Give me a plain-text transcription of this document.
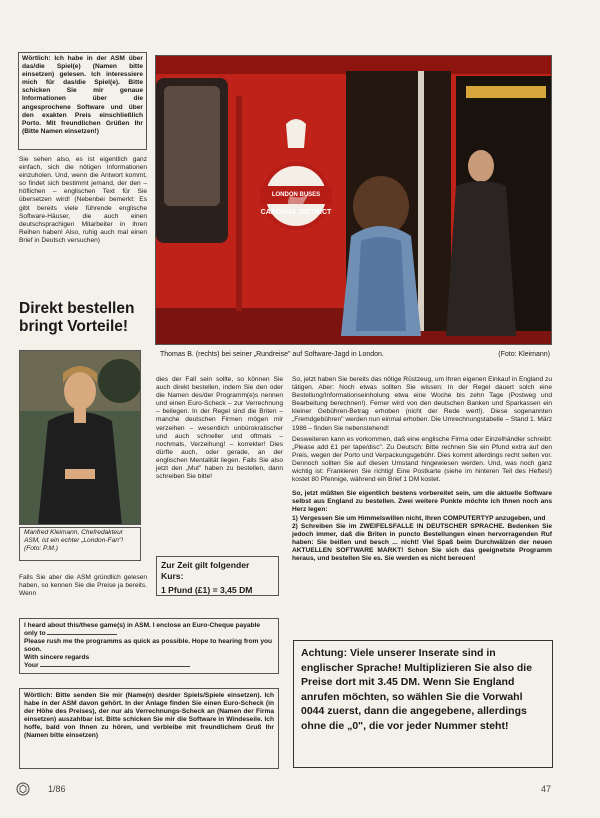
Wörtlich: Ich habe in der ASM über das/die Spiel(e) (Namen bitte einsetzen) gelesen. Ich interessiere mich für das/die Spiel(e). Bitte schicken Sie mir genaue Informationen über die angesprochene Software und über den exakten Preis einschließlich Porto. Mit freundlichen Grüßen Ihr (Bitte Namen einsetzen!)

Sie sehen also, es ist eigentlich ganz einfach, sich die nötigen Informationen einzuholen. Und, wenn die Antwort kommt, so findet sich bestimmt jemand, der den – höflichen – englischen Text für Sie übersetzen wird! (Nebenbei bemerkt: Es gibt bereits viele führende englische Software-Häuser, die auch einen deutschsprachigen Mitarbeiter in ihren Reihen haben! Also, ruhig auch mal einen Brief in Deutsch versuchen)

Direkt bestellen bringt Vorteile!
LONDON BUSES
CARDINAL DISTRICT
Thomas B. (rechts) bei seiner „Rundreise" auf Software-Jagd in London.	(Foto: Kleimann)

Manfred Kleimann, Chefredakteur ASM, ist ein echter „London-Fan"! (Foto: P.M.)

Falls Sie aber die ASM gründlich gelesen haben, so kennen Sie die Preise ja bereits. Wenn

dies der Fall sein sollte, so können Sie auch direkt bestellen, indem Sie den oder die Namen des/der Programm(e)s nennen und einen Euro-Scheck – zur Verrechnung – beilegen. In der Regel sind die Briten – manche deutschen Firmen mögen mir verzeihen – wesentlich unbürokratischer und auch schneller und oftmals – nochmals, Verzeihung! – korrekter! Dies dürfte auch, oder gerade, an der englischen Mentalität liegen. Falls Sie also jetzt den „Mut" haben zu bestellen, dann schreiben Sie bitte!

Zur Zeit gilt folgender Kurs:
1 Pfund (£1) = 3,45 DM

So, jetzt haben Sie bereits das nötige Rüstzeug, um Ihren eigenen Einkauf in England zu tätigen. Aber: Noch etwas sollten Sie wissen: In der Regel dauert solch eine Bestellung/Informationseinholung etwa eine Woche bis zehn Tage (Postweg und Bearbeitung berechnen!). Ferner wird von den deutschen Banken und Sparkassen ein kleiner Gebühren-Betrag erhoben (nicht der Rede wert!). Diese sogenannten „Fremdgebühren" werden nun einmal erhoben. Die Umrechnungstabelle – Stand 1. März 1986 – finden Sie nebenstehend!

Desweiteren kann es vorkommen, daß eine englische Firma oder Einzelhändler schreibt: „Please add £1 per tape/disc". Zu Deutsch: Bitte rechnen Sie ein Pfund extra auf den Preis, wegen der Porto und Verpackungsgebühr. Dies kommt allerdings recht selten vor. Dennoch sollten Sie auf diesen Umstand hingewiesen werden. Und, was noch ganz wichtig ist: Frankieren Sie richtig! Eine Postkarte (siehe im hinteren Teil des Heftes!) kostet 80 Pfennige, während ein Brief 1 DM kostet.

So, jetzt müßten Sie eigentlich bestens vorbereitet sein, um die aktuelle Software selbst aus England zu bestellen. Zwei weitere Punkte möchte ich Ihnen noch ans Herz legen:

1) Vergessen Sie um Himmelswillen nicht, Ihren COMPUTERTYP anzugeben, und

2) Schreiben Sie im ZWEIFELSFALLE IN DEUTSCHER SPRACHE. Bedenken Sie jedoch immer, daß die Briten in puncto Bestellungen einen hervorragenden Ruf haben: Sie beißen und besch ... nicht! Viel Spaß beim Durchwälzen der neuen AKTUELLEN SOFTWARE MARKT! Schon Sie sich das geeignetste Programm heraus, und bestellen Sie es. Sie werden es nicht bereuen!

I heard about this/these game(s) in ASM. I enclose an Euro-Cheque payable only to

Please rush me the programms as quick as possible. Hope to hearing from you soon.

With sincere regards

Your

Wörtlich: Bitte senden Sie mir (Name(n) des/der Spiels/Spiele einsetzen). Ich habe in der ASM davon gehört. In der Anlage finden Sie einen Euro-Scheck (in der Höhe des Preises), der nur als Verrechnungs-Scheck an (Namen der Firma einsetzen) auszahlbar ist. Bitte schicken Sie mir die Software in Windeseile. Ich hoffe, bald von Ihnen zu hören, und verbleibe mit freundlichem Gruß Ihr (Namen bitte einsetzen)

Achtung: Viele unserer Inserate sind in englischer Sprache! Multiplizieren Sie also die Preise dort mit 3.45 DM. Wenn Sie England anrufen möchten, so wählen Sie die Vorwahl 0044 zuerst, dann die angegebene, allerdings ohne die „0", die vor jeder Nummer steht!

1/86	47
